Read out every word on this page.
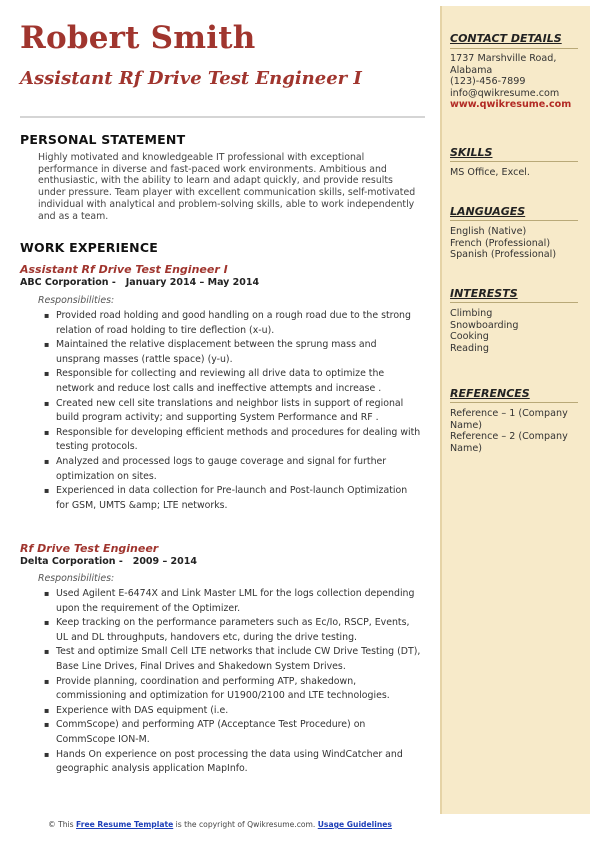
Robert Smith
Assistant Rf Drive Test Engineer I
PERSONAL STATEMENT

Highly motivated and knowledgeable IT professional with exceptional performance in diverse and fast-paced work environments. Ambitious and enthusiastic, with the ability to learn and adapt quickly, and provide results under pressure. Team player with excellent communication skills, self-motivated individual with analytical and problem-solving skills, able to work independently and as a team.

WORK EXPERIENCE
Assistant Rf Drive Test Engineer I
ABC Corporation -   January 2014 – May 2014
Responsibilities:
▪ Provided road holding and good handling on a rough road due to the strong relation of road holding to tire deflection (x-u).
▪ Maintained the relative displacement between the sprung mass and unsprang masses (rattle space) (y-u).
▪ Responsible for collecting and reviewing all drive data to optimize the network and reduce lost calls and ineffective attempts and increase .
▪ Created new cell site translations and neighbor lists in support of regional build program activity; and supporting System Performance and RF .
▪ Responsible for developing efficient methods and procedures for dealing with testing protocols.
▪ Analyzed and processed logs to gauge coverage and signal for further optimization on sites.
▪ Experienced in data collection for Pre-launch and Post-launch Optimization for GSM, UMTS &amp; LTE networks.
Rf Drive Test Engineer
Delta Corporation -   2009 – 2014
Responsibilities:
▪ Used Agilent E-6474X and Link Master LML for the logs collection depending upon the requirement of the Optimizer.
▪ Keep tracking on the performance parameters such as Ec/Io, RSCP, Events, UL and DL throughputs, handovers etc, during the drive testing.
▪ Test and optimize Small Cell LTE networks that include CW Drive Testing (DT), Base Line Drives, Final Drives and Shakedown System Drives.
▪ Provide planning, coordination and performing ATP, shakedown, commissioning and optimization for U1900/2100 and LTE technologies.
▪ Experience with DAS equipment (i.e.
▪ CommScope) and performing ATP (Acceptance Test Procedure) on CommScope ION-M.
▪ Hands On experience on post processing the data using WindCatcher and geographic analysis application MapInfo.
© This Free Resume Template is the copyright of Qwikresume.com. Usage Guidelines
CONTACT DETAILS
1737 Marshville Road,
Alabama
(123)-456-7899
info@qwikresume.com
www.qwikresume.com
SKILLS
MS Office, Excel.
LANGUAGES
English (Native)
French (Professional)
Spanish (Professional)
INTERESTS
Climbing
Snowboarding
Cooking
Reading
REFERENCES
Reference – 1 (Company Name)
Reference – 2 (Company Name)
